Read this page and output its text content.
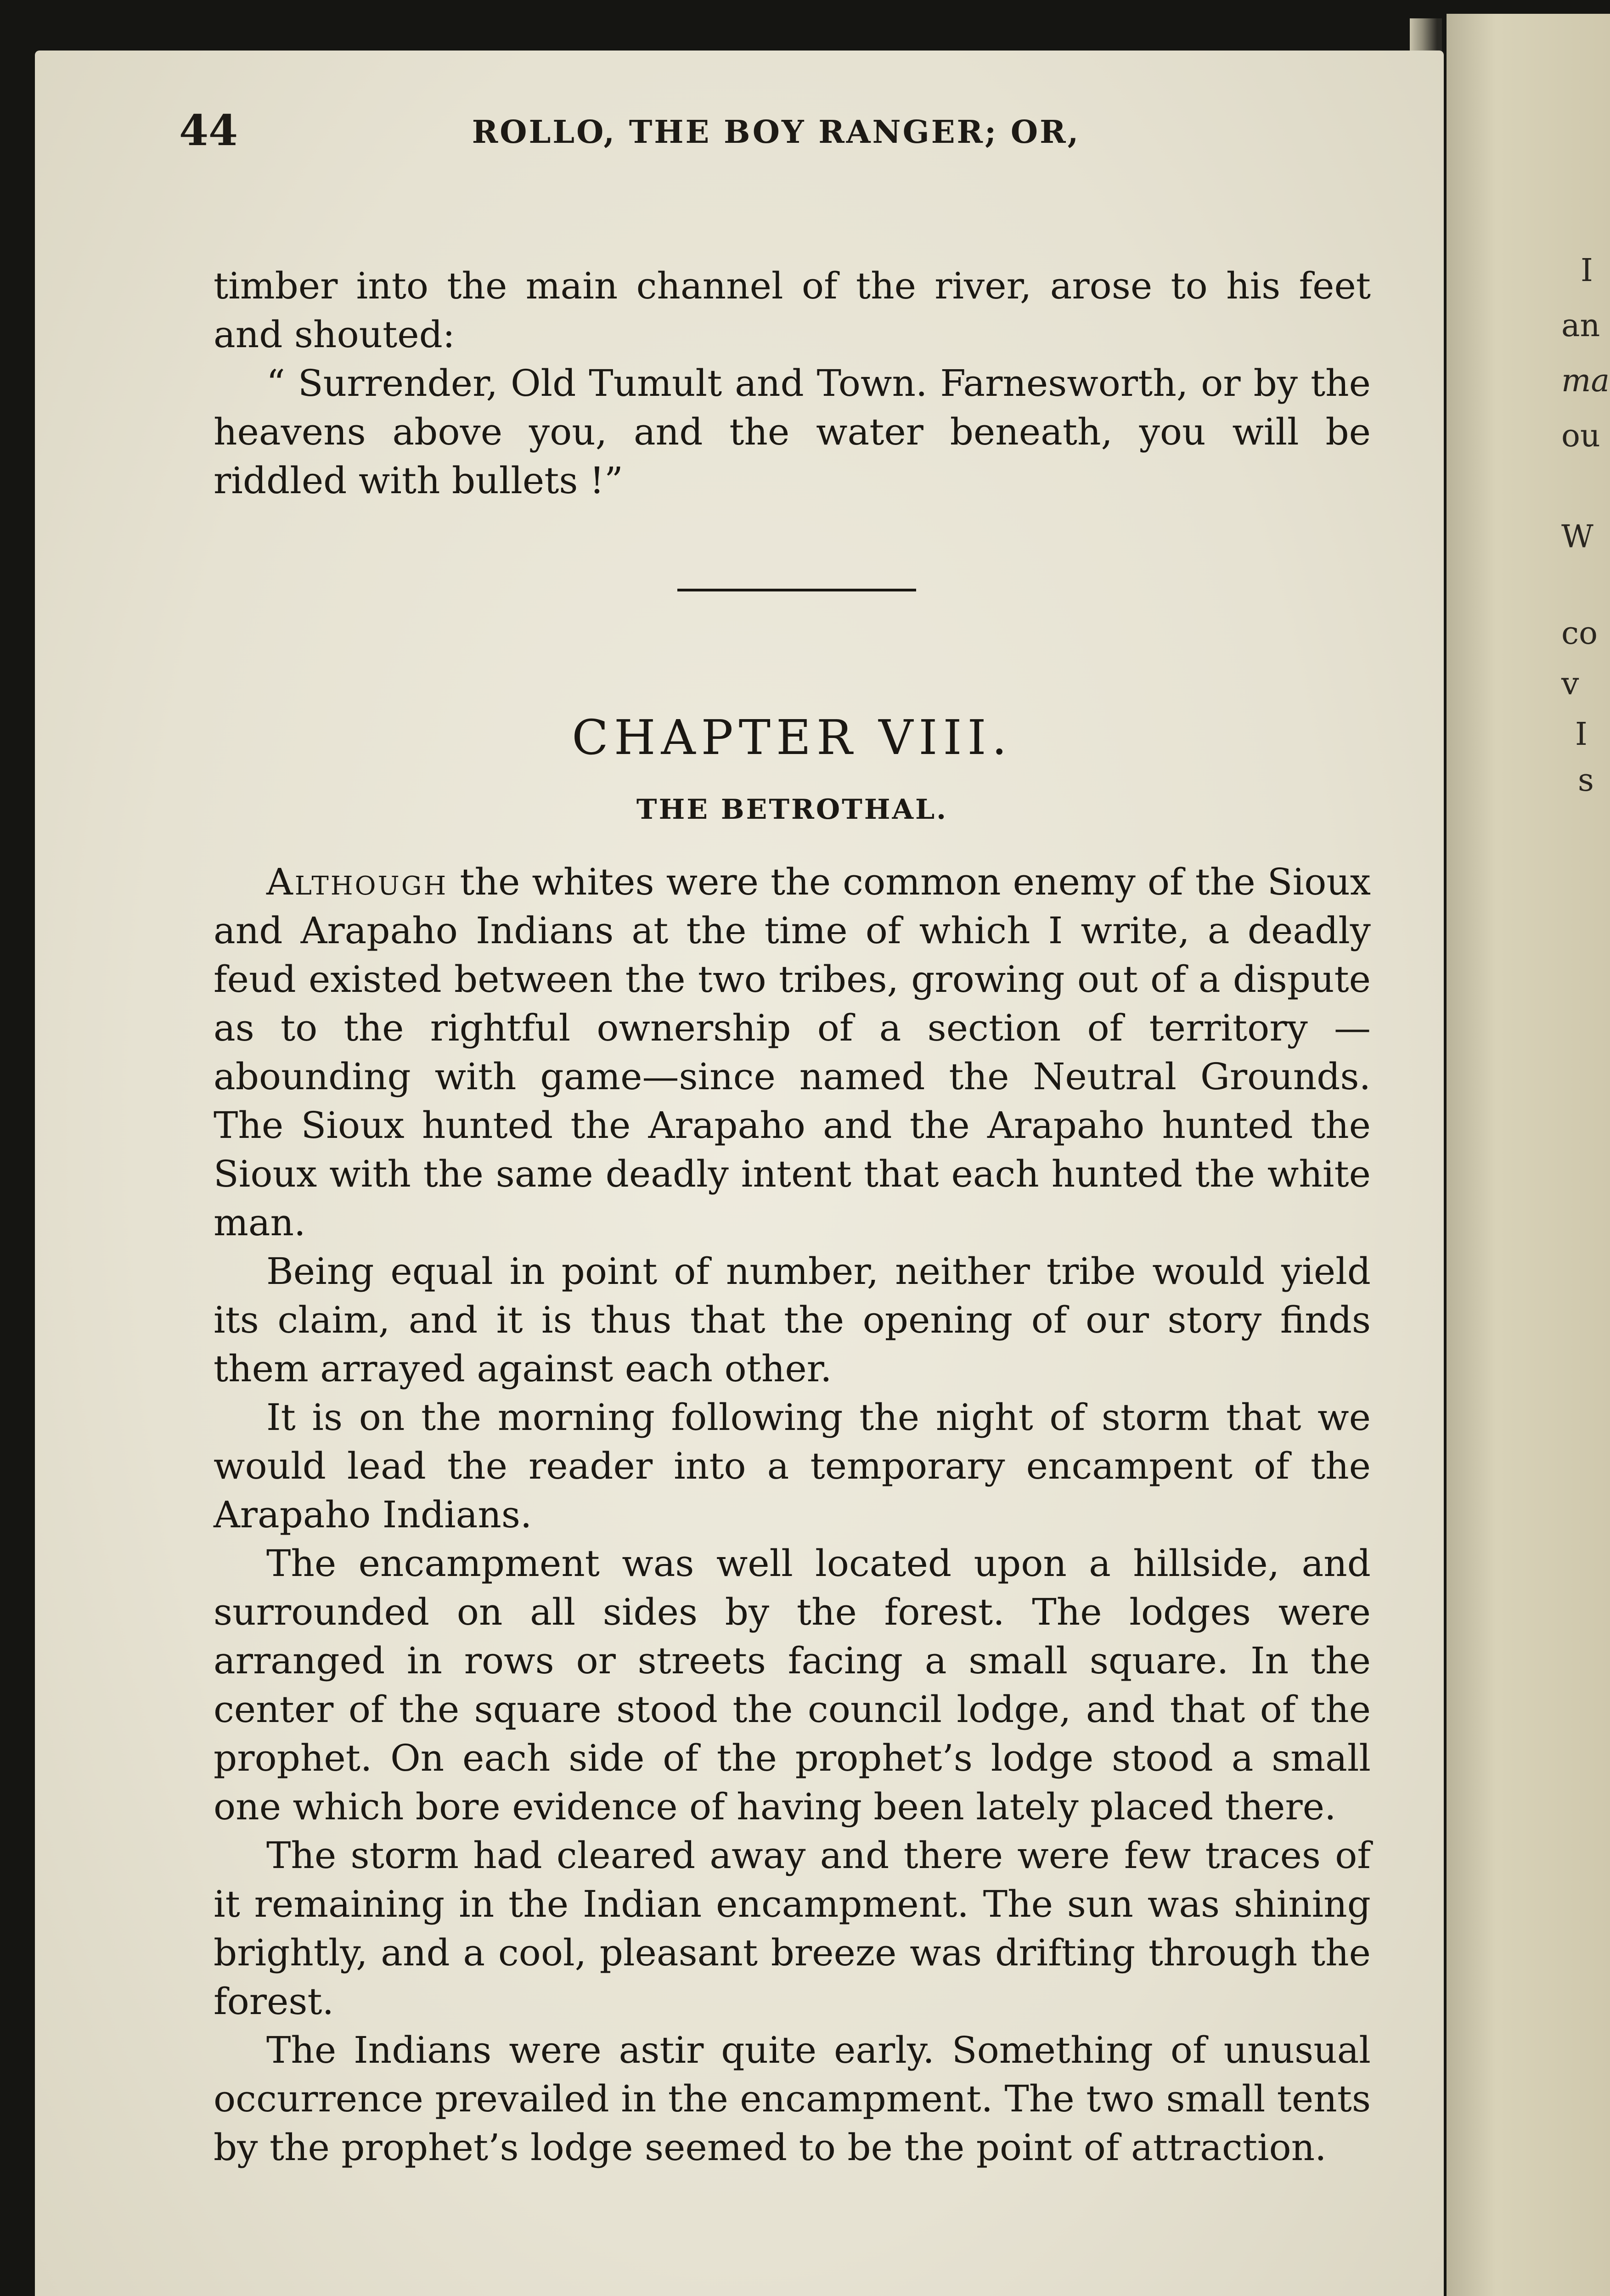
I
an
ma
ou
W
co
v
I
s
44	ROLLO, THE BOY RANGER; OR,

timber into the main channel of the river, arose to his feet and shouted:

“ Surrender, Old Tumult and Town. Farnesworth, or by the heavens above you, and the water beneath, you will be riddled with bullets !”

CHAPTER VIII.
THE BETROTHAL.

Although the whites were the common enemy of the Sioux and Arapaho Indians at the time of which I write, a deadly feud existed between the two tribes, growing out of a dispute as to the rightful ownership of a section of territory —abounding with game—since named the Neutral Grounds. The Sioux hunted the Arapaho and the Arapaho hunted the Sioux with the same deadly intent that each hunted the white man.

Being equal in point of number, neither tribe would yield its claim, and it is thus that the opening of our story finds them arrayed against each other.

It is on the morning following the night of storm that we would lead the reader into a temporary encampent of the Arapaho Indians.

The encampment was well located upon a hillside, and surrounded on all sides by the forest. The lodges were arranged in rows or streets facing a small square. In the center of the square stood the council lodge, and that of the prophet. On each side of the prophet’s lodge stood a small one which bore evidence of having been lately placed there.

The storm had cleared away and there were few traces of it remaining in the Indian encampment. The sun was shining brightly, and a cool, pleasant breeze was drifting through the forest.

The Indians were astir quite early. Something of unusual occurrence prevailed in the encampment. The two small tents by the prophet’s lodge seemed to be the point of attraction.
